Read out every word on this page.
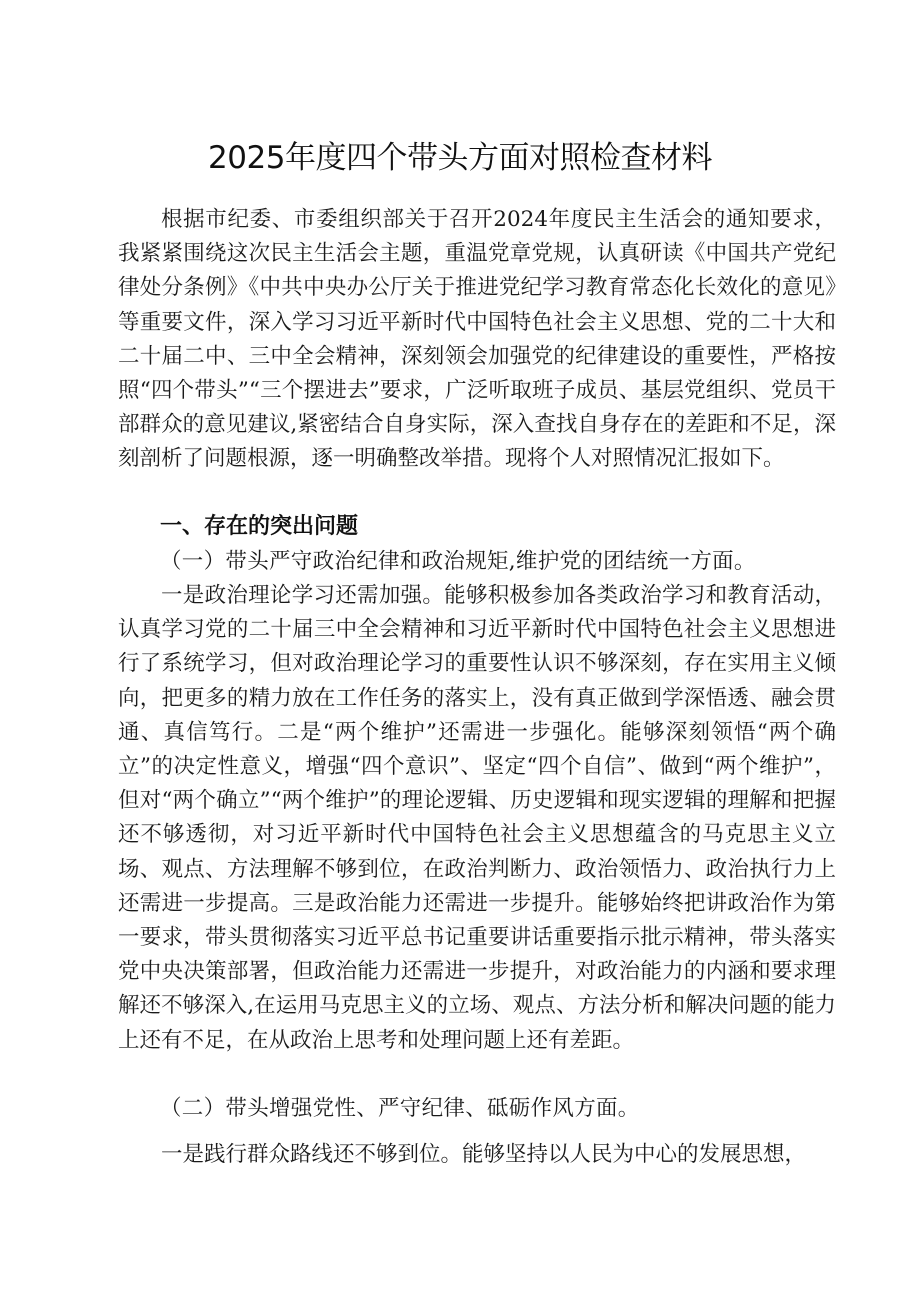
2025年度四个带头方面对照检查材料

根据市纪委、市委组织部关于召开2024年度民主生活会的通知要求，我紧紧围绕这次民主生活会主题，重温党章党规，认真研读《中国共产党纪律处分条例》《中共中央办公厅关于推进党纪学习教育常态化长效化的意见》等重要文件，深入学习习近平新时代中国特色社会主义思想、党的二十大和二十届二中、三中全会精神，深刻领会加强党的纪律建设的重要性，严格按照“四个带头”“三个摆进去”要求，广泛听取班子成员、基层党组织、党员干部群众的意见建议,紧密结合自身实际，深入查找自身存在的差距和不足，深刻剖析了问题根源，逐一明确整改举措。现将个人对照情况汇报如下。

一、存在的突出问题

（一）带头严守政治纪律和政治规矩,维护党的团结统一方面。

一是政治理论学习还需加强。能够积极参加各类政治学习和教育活动，认真学习党的二十届三中全会精神和习近平新时代中国特色社会主义思想进行了系统学习，但对政治理论学习的重要性认识不够深刻，存在实用主义倾向，把更多的精力放在工作任务的落实上，没有真正做到学深悟透、融会贯通、真信笃行。二是“两个维护”还需进一步强化。能够深刻领悟“两个确立”的决定性意义，增强“四个意识”、坚定“四个自信”、做到“两个维护”，但对“两个确立”“两个维护”的理论逻辑、历史逻辑和现实逻辑的理解和把握还不够透彻，对习近平新时代中国特色社会主义思想蕴含的马克思主义立场、观点、方法理解不够到位，在政治判断力、政治领悟力、政治执行力上还需进一步提高。三是政治能力还需进一步提升。能够始终把讲政治作为第一要求，带头贯彻落实习近平总书记重要讲话重要指示批示精神，带头落实党中央决策部署，但政治能力还需进一步提升，对政治能力的内涵和要求理解还不够深入,在运用马克思主义的立场、观点、方法分析和解决问题的能力上还有不足，在从政治上思考和处理问题上还有差距。

（二）带头增强党性、严守纪律、砥砺作风方面。

一是践行群众路线还不够到位。能够坚持以人民为中心的发展思想，
